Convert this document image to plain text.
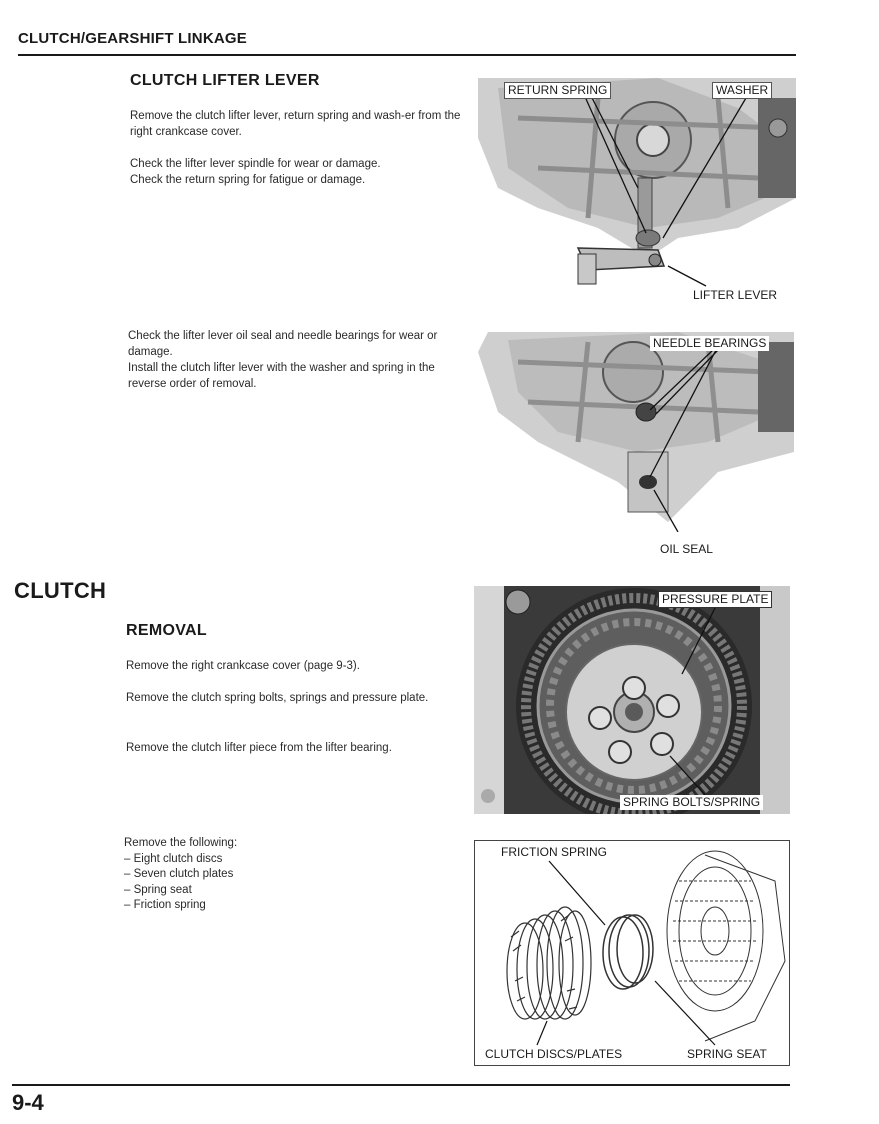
CLUTCH/GEARSHIFT LINKAGE
CLUTCH LIFTER LEVER

Remove the clutch lifter lever, return spring and wash-er from the right crankcase cover.

Check the lifter lever spindle for wear or damage.

Check the return spring for fatigue or damage.

RETURN SPRING	WASHER
LIFTER LEVER

Check the lifter lever oil seal and needle bearings for wear or damage.

Install the clutch lifter lever with the washer and spring in the reverse order of removal.

NEEDLE BEARINGS
OIL SEAL
CLUTCH
REMOVAL

Remove the right crankcase cover (page 9-3).

Remove the clutch spring bolts, springs and pressure plate.

Remove the clutch lifter piece from the lifter bearing.

PRESSURE PLATE
SPRING BOLTS/SPRING
Remove the following:
– Eight clutch discs
– Seven clutch plates
– Spring seat
– Friction spring
FRICTION SPRING
CLUTCH DISCS/PLATES	SPRING SEAT
9-4
